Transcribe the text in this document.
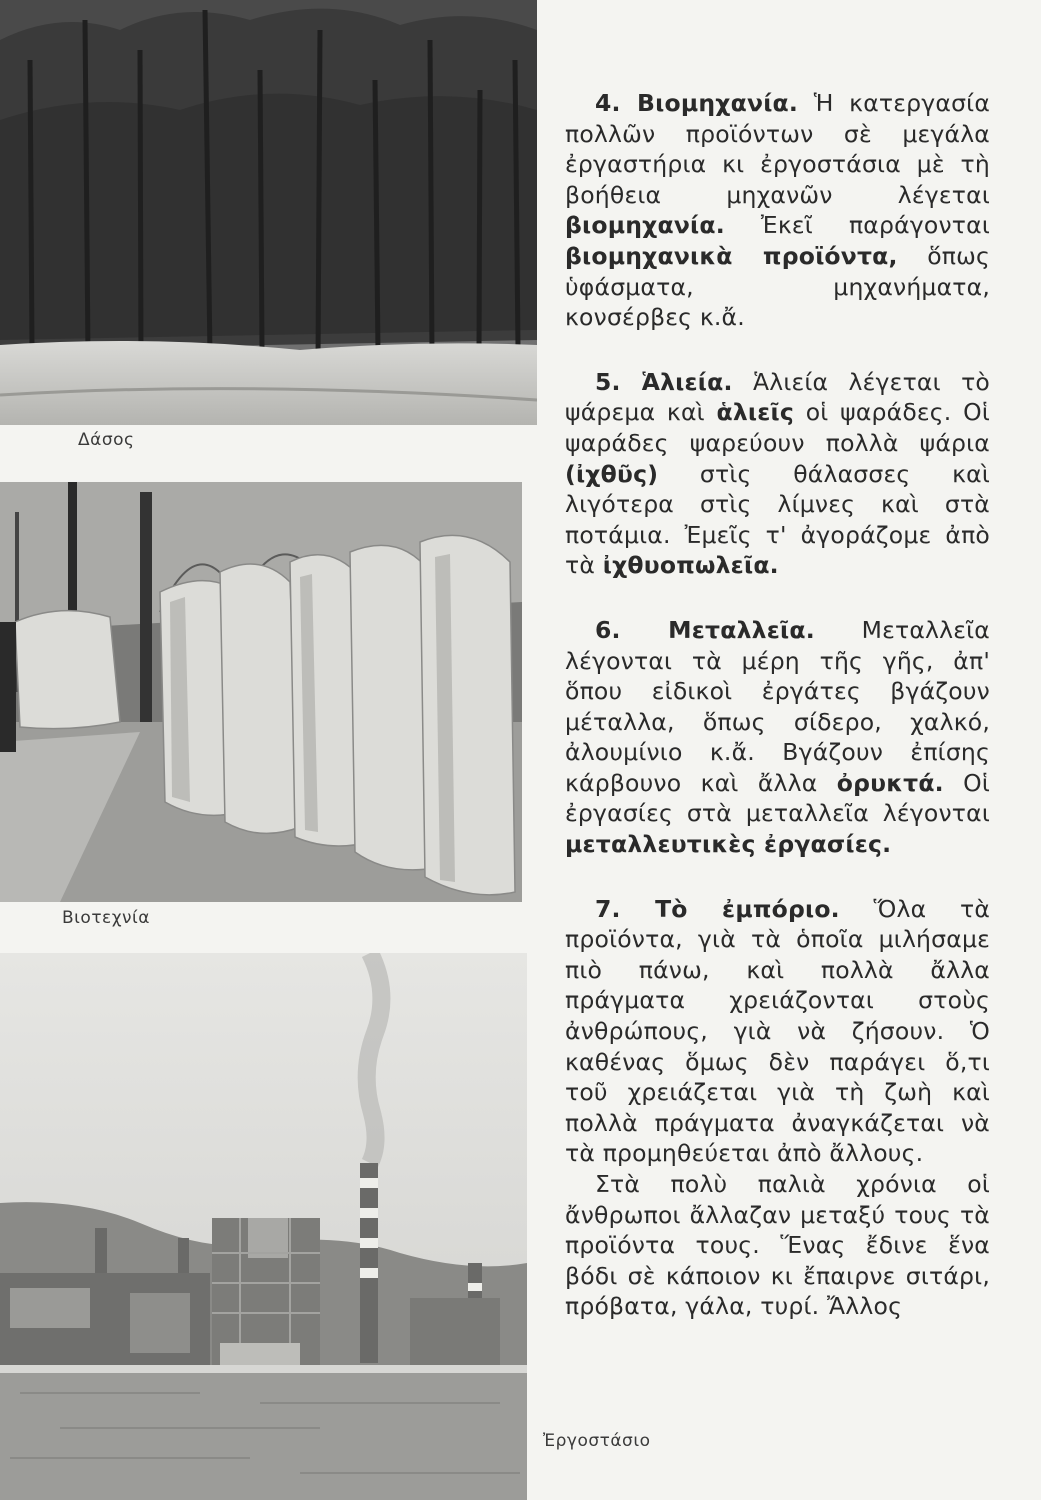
Δάσος
Βιοτεχνία
Ἐργοστάσιο

4. Βιομηχανία. Ἡ κατεργασία πολλῶν προϊόντων σὲ μεγάλα ἐργαστήρια κι ἐργοστάσια μὲ τὴ βοήθεια μηχανῶν λέγεται βιομηχανία. Ἐκεῖ παράγονται βιομηχανικὰ προϊόντα, ὅπως ὑφάσματα, μηχανήματα, κονσέρβες κ.ἄ.

5. Ἁλιεία. Ἁλιεία λέγεται τὸ ψάρεμα καὶ ἁλιεῖς οἱ ψαράδες. Οἱ ψαράδες ψαρεύουν πολλὰ ψάρια (ἰχθῦς) στὶς θάλασσες καὶ λιγότερα στὶς λίμνες καὶ στὰ ποτάμια. Ἐμεῖς τ' ἀγοράζομε ἀπὸ τὰ ἰχθυοπωλεῖα.

6. Μεταλλεῖα. Μεταλλεῖα λέγονται τὰ μέρη τῆς γῆς, ἀπ' ὅπου εἰδικοὶ ἐργάτες βγάζουν μέταλλα, ὅπως σίδερο, χαλκό, ἀλουμίνιο κ.ἄ. Βγάζουν ἐπίσης κάρβουνο καὶ ἄλλα ὀρυκτά. Οἱ ἐργασίες στὰ μεταλλεῖα λέγονται μεταλλευτικὲς ἐργασίες.

7. Τὸ ἐμπόριο. Ὅλα τὰ προϊόντα, γιὰ τὰ ὁποῖα μιλήσαμε πιὸ πάνω, καὶ πολλὰ ἄλλα πράγματα χρειάζονται στοὺς ἀνθρώπους, γιὰ νὰ ζήσουν. Ὁ καθένας ὅμως δὲν παράγει ὅ,τι τοῦ χρειάζεται γιὰ τὴ ζωὴ καὶ πολλὰ πράγματα ἀναγκάζεται νὰ τὰ προμηθεύεται ἀπὸ ἄλλους.

Στὰ πολὺ παλιὰ χρόνια οἱ ἄνθρωποι ἄλλαζαν μεταξύ τους τὰ προϊόντα τους. Ἕνας ἔδινε ἕνα βόδι σὲ κάποιον κι ἔπαιρνε σιτάρι, πρόβατα, γάλα, τυρί. Ἄλλος
